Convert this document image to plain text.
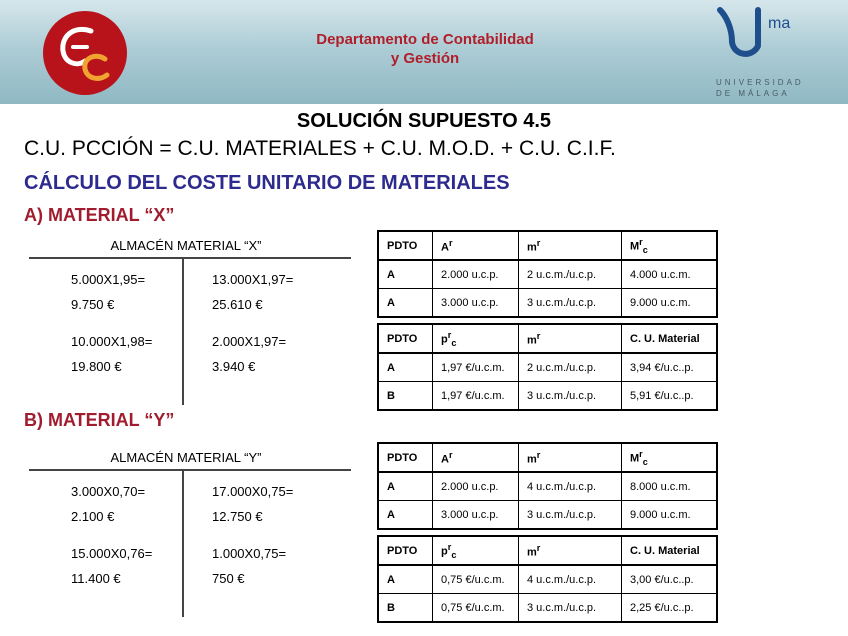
Departamento de Contabilidad
y Gestión
ma
UNIVERSIDAD
DE MÁLAGA
SOLUCIÓN SUPUESTO 4.5
C.U. PCCIÓN = C.U. MATERIALES + C.U. M.O.D. + C.U. C.I.F.
CÁLCULO DEL COSTE UNITARIO DE MATERIALES
A) MATERIAL “X”
ALMACÉN MATERIAL “X”
5.000X1,95=
9.750 €
10.000X1,98=
19.800 €
13.000X1,97=
25.610 €
2.000X1,97=
3.940 €
PDTO	$A^r$	$m^r$	$M^r_c$
A	2.000 u.c.p.	2 u.c.m./u.c.p.	4.000 u.c.m.
A	3.000 u.c.p.	3 u.c.m./u.c.p.	9.000 u.c.m.
PDTO	$p^r_c$	$m^r$	C. U. Material
A	1,97 €/u.c.m.	2 u.c.m./u.c.p.	3,94 €/u.c..p.
B	1,97 €/u.c.m.	3 u.c.m./u.c.p.	5,91 €/u.c..p.
B) MATERIAL “Y”
ALMACÉN MATERIAL “Y”
3.000X0,70=
2.100 €
15.000X0,76=
11.400 €
17.000X0,75=
12.750 €
1.000X0,75=
750 €
PDTO	$A^r$	$m^r$	$M^r_c$
A	2.000 u.c.p.	4 u.c.m./u.c.p.	8.000 u.c.m.
A	3.000 u.c.p.	3 u.c.m./u.c.p.	9.000 u.c.m.
PDTO	$p^r_c$	$m^r$	C. U. Material
A	0,75 €/u.c.m.	4 u.c.m./u.c.p.	3,00 €/u.c..p.
B	0,75 €/u.c.m.	3 u.c.m./u.c.p.	2,25 €/u.c..p.
